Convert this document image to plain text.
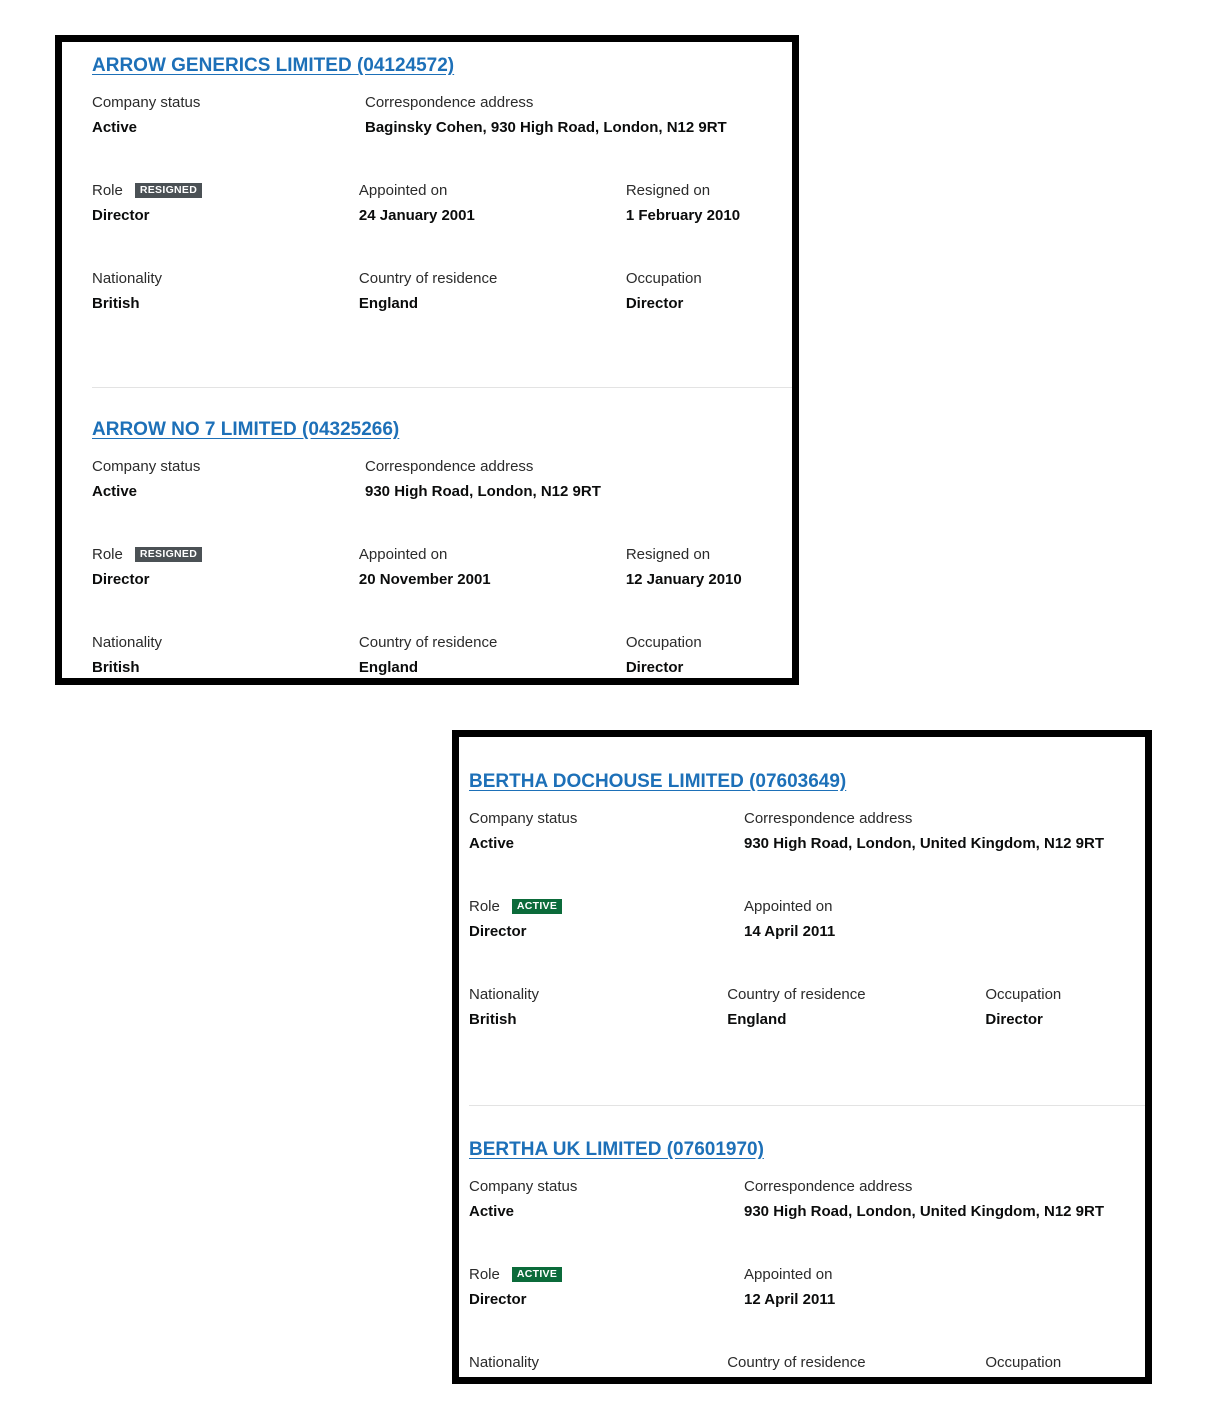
ARROW GENERICS LIMITED (04124572)
Company status
Active
Correspondence address
Baginsky Cohen, 930 High Road, London, N12 9RT
Role	RESIGNED
Director
Appointed on
24 January 2001
Resigned on
1 February 2010
Nationality
British
Country of residence
England
Occupation
Director
ARROW NO 7 LIMITED (04325266)
Company status
Active
Correspondence address
930 High Road, London, N12 9RT
Role	RESIGNED
Director
Appointed on
20 November 2001
Resigned on
12 January 2010
Nationality
British
Country of residence
England
Occupation
Director
BERTHA DOCHOUSE LIMITED (07603649)
Company status
Active
Correspondence address
930 High Road, London, United Kingdom, N12 9RT
Role	ACTIVE
Director
Appointed on
14 April 2011
Nationality
British
Country of residence
England
Occupation
Director
BERTHA UK LIMITED (07601970)
Company status
Active
Correspondence address
930 High Road, London, United Kingdom, N12 9RT
Role	ACTIVE
Director
Appointed on
12 April 2011
Nationality	Country of residence	Occupation
